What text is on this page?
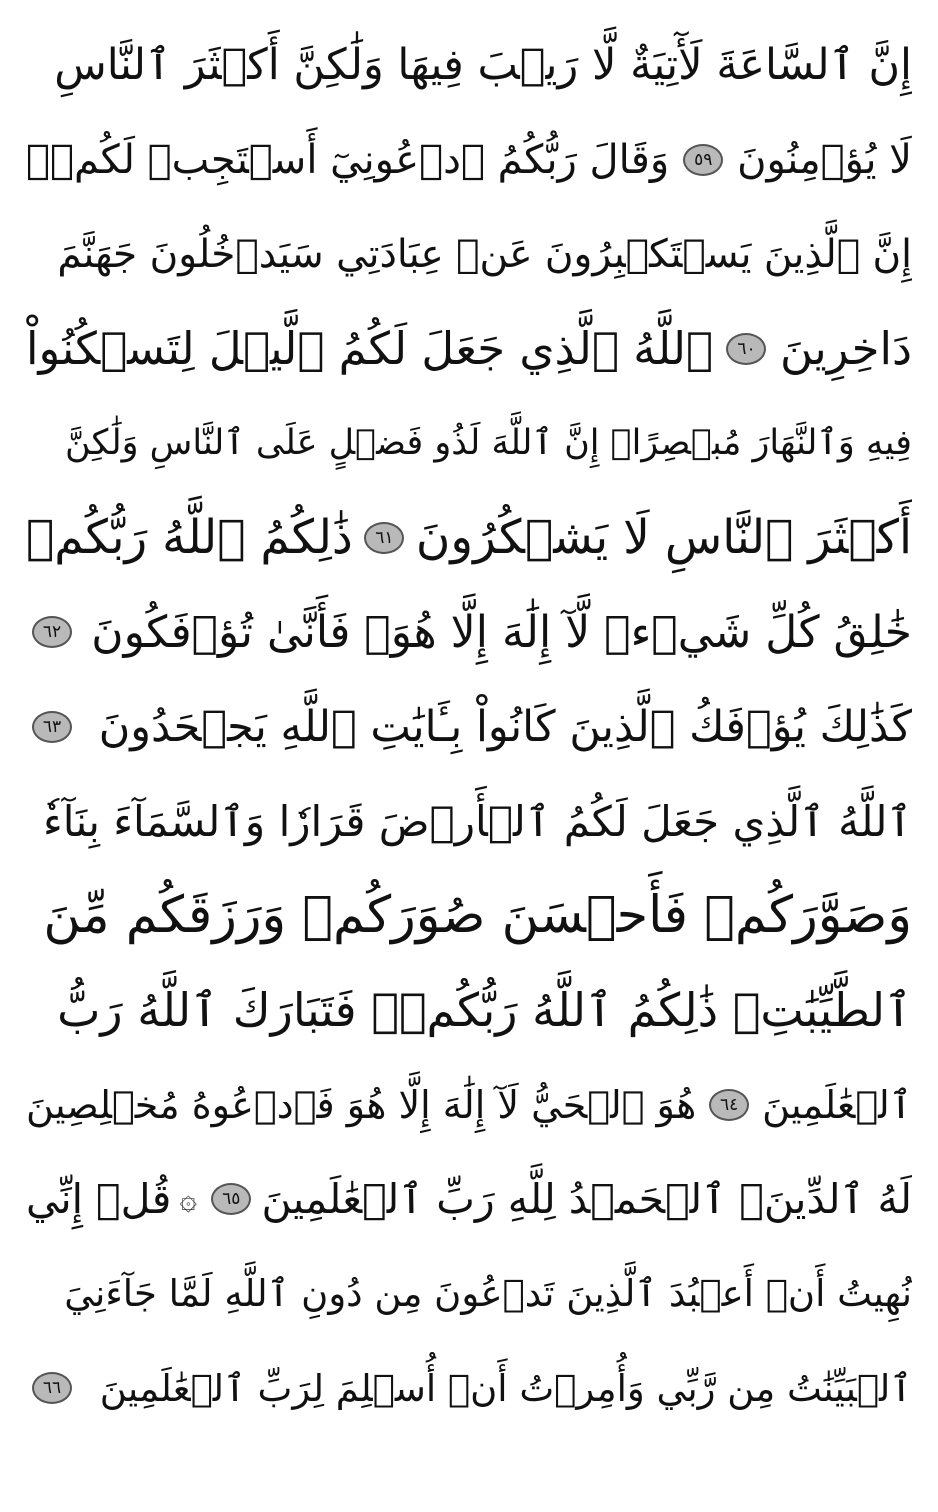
إِنَّ ٱلسَّاعَةَ لَأٓتِيَةٌ لَّا رَيۡبَ فِيهَا وَلَٰكِنَّ أَكۡثَرَ ٱلنَّاسِ
لَا يُؤۡمِنُونَ
٥٩
وَقَالَ رَبُّكُمُ ٱدۡعُونِيٓ أَسۡتَجِبۡ لَكُمۡۚ
إِنَّ ٱلَّذِينَ يَسۡتَكۡبِرُونَ عَنۡ عِبَادَتِي سَيَدۡخُلُونَ جَهَنَّمَ
دَاخِرِينَ
٦٠
ٱللَّهُ ٱلَّذِي جَعَلَ لَكُمُ ٱلَّيۡلَ لِتَسۡكُنُواْ
فِيهِ وَٱلنَّهَارَ مُبۡصِرًاۚ إِنَّ ٱللَّهَ لَذُو فَضۡلٍ عَلَى ٱلنَّاسِ وَلَٰكِنَّ
أَكۡثَرَ ٱلنَّاسِ لَا يَشۡكُرُونَ
٦١
ذَٰلِكُمُ ٱللَّهُ رَبُّكُمۡ
خَٰلِقُ كُلِّ شَيۡءٖ لَّآ إِلَٰهَ إِلَّا هُوَۖ فَأَنَّىٰ تُؤۡفَكُونَ
٦٢
كَذَٰلِكَ يُؤۡفَكُ ٱلَّذِينَ كَانُواْ بِـَٔايَٰتِ ٱللَّهِ يَجۡحَدُونَ
٦٣
ٱللَّهُ ٱلَّذِي جَعَلَ لَكُمُ ٱلۡأَرۡضَ قَرَارٗا وَٱلسَّمَآءَ بِنَآءٗ
وَصَوَّرَكُمۡ فَأَحۡسَنَ صُوَرَكُمۡ وَرَزَقَكُم مِّنَ
ٱلطَّيِّبَٰتِۚ ذَٰلِكُمُ ٱللَّهُ رَبُّكُمۡۖ فَتَبَارَكَ ٱللَّهُ رَبُّ
ٱلۡعَٰلَمِينَ
٦٤
هُوَ ٱلۡحَيُّ لَآ إِلَٰهَ إِلَّا هُوَ فَٱدۡعُوهُ مُخۡلِصِينَ
لَهُ ٱلدِّينَۗ ٱلۡحَمۡدُ لِلَّهِ رَبِّ ٱلۡعَٰلَمِينَ
٦٥
۞
قُلۡ إِنِّي
نُهِيتُ أَنۡ أَعۡبُدَ ٱلَّذِينَ تَدۡعُونَ مِن دُونِ ٱللَّهِ لَمَّا جَآءَنِيَ
ٱلۡبَيِّنَٰتُ مِن رَّبِّي وَأُمِرۡتُ أَنۡ أُسۡلِمَ لِرَبِّ ٱلۡعَٰلَمِينَ
٦٦
